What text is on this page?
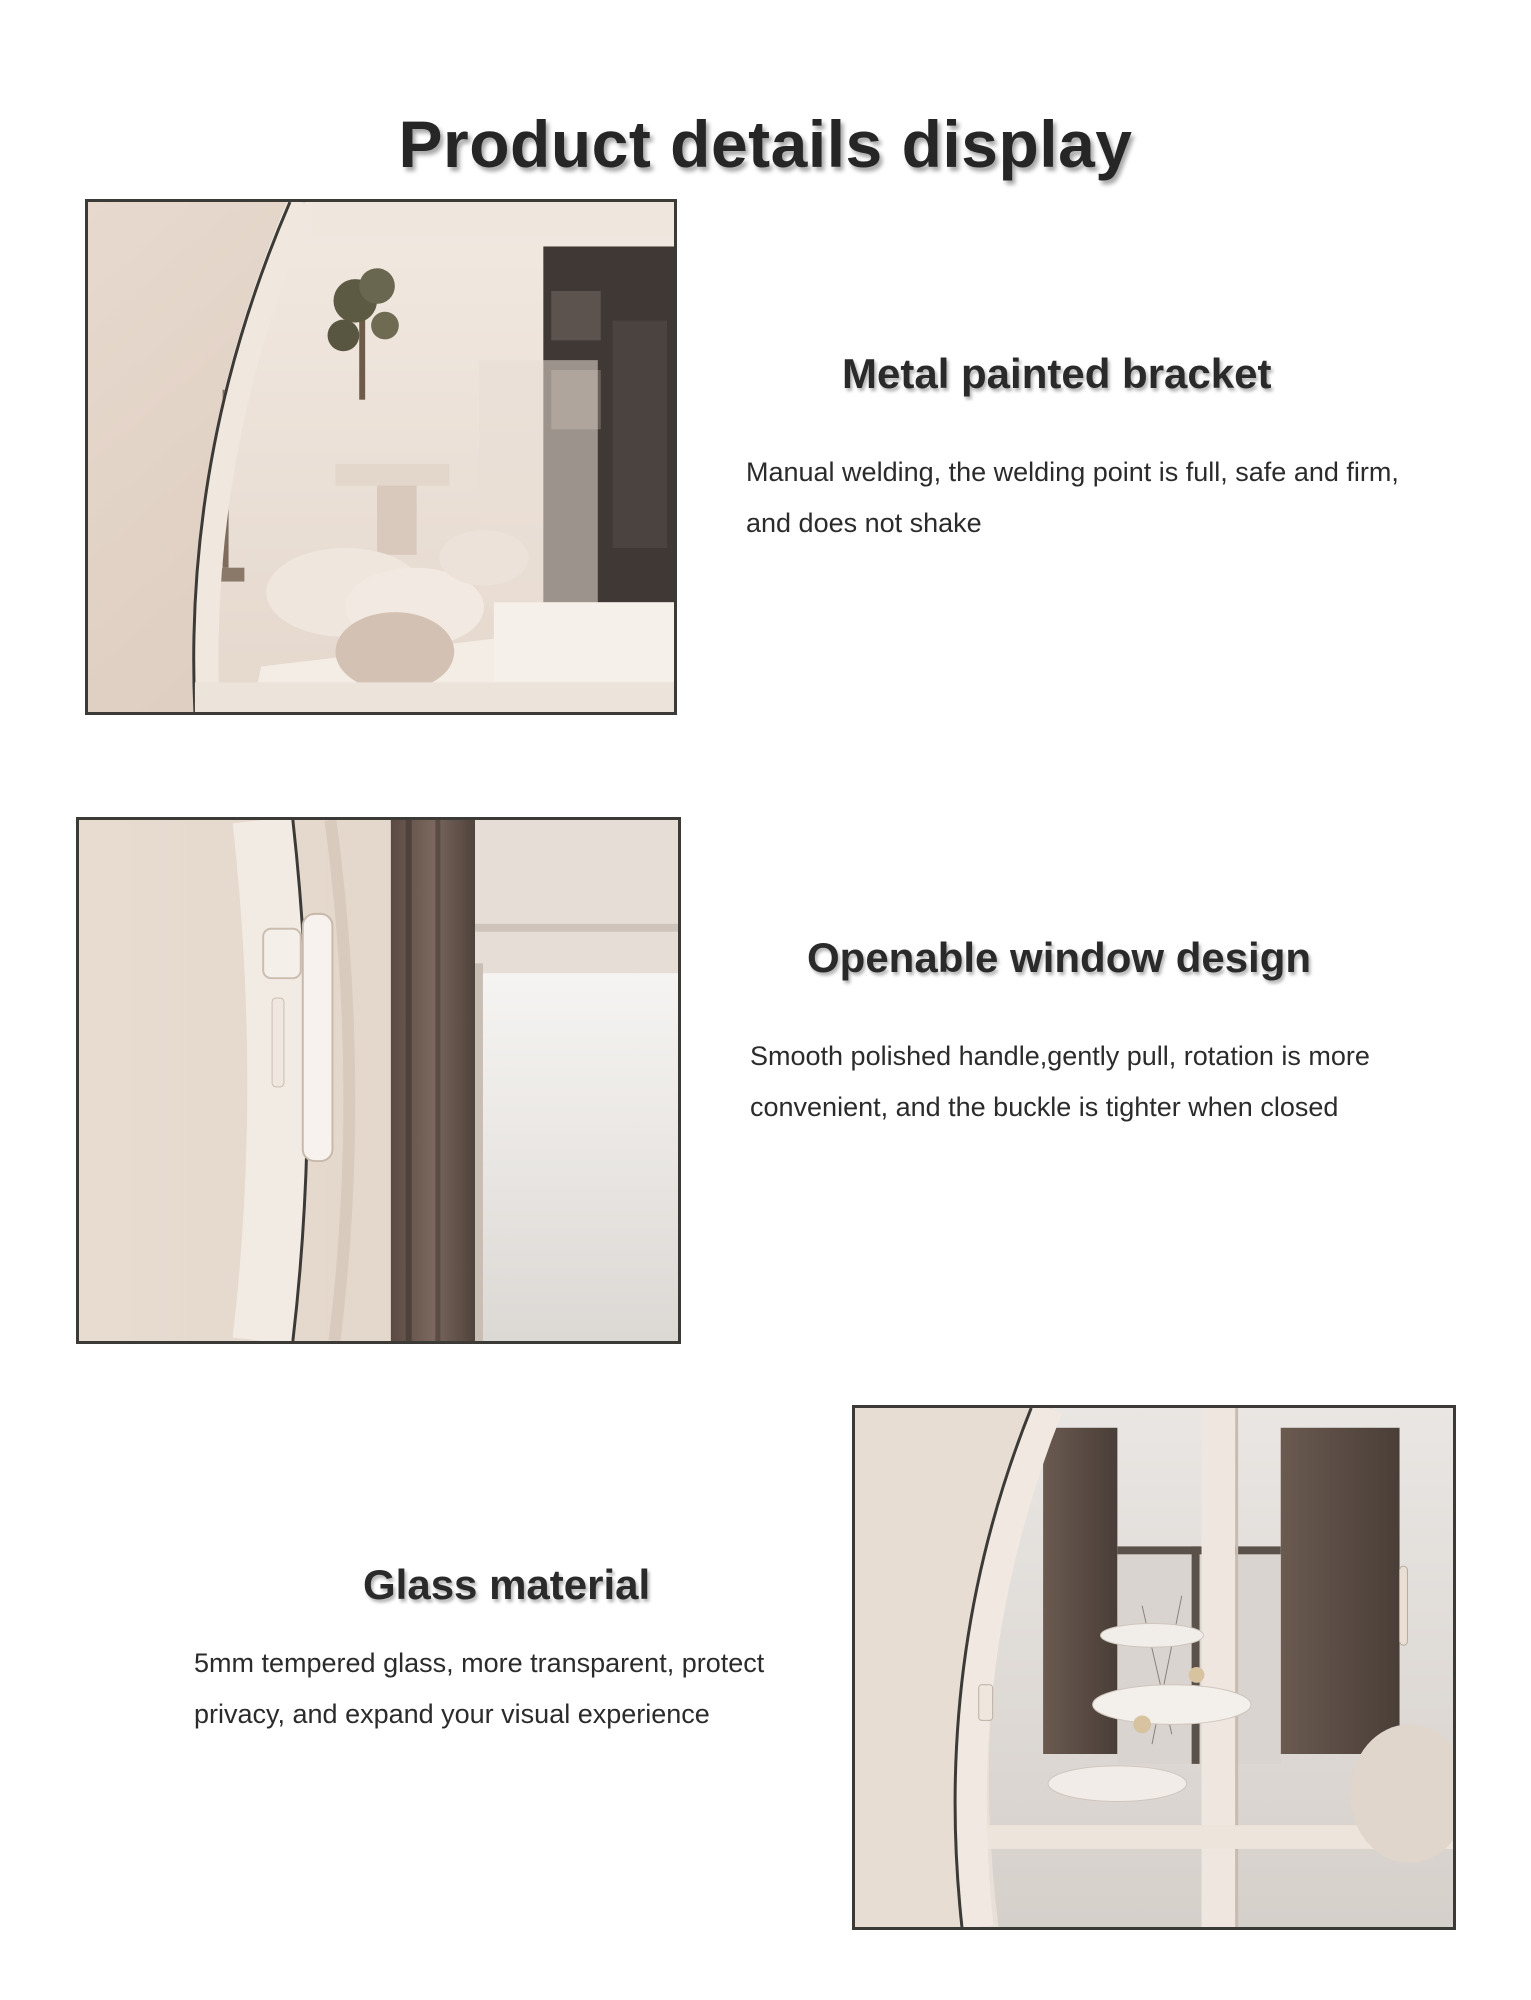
Product details display
Metal painted bracket

Manual welding, the welding point is full, safe and firm, and does not shake

Openable window design

Smooth polished handle,gently pull, rotation is more convenient, and the buckle is tighter when closed

Glass material

5mm tempered glass, more transparent, protect privacy, and expand your visual experience
